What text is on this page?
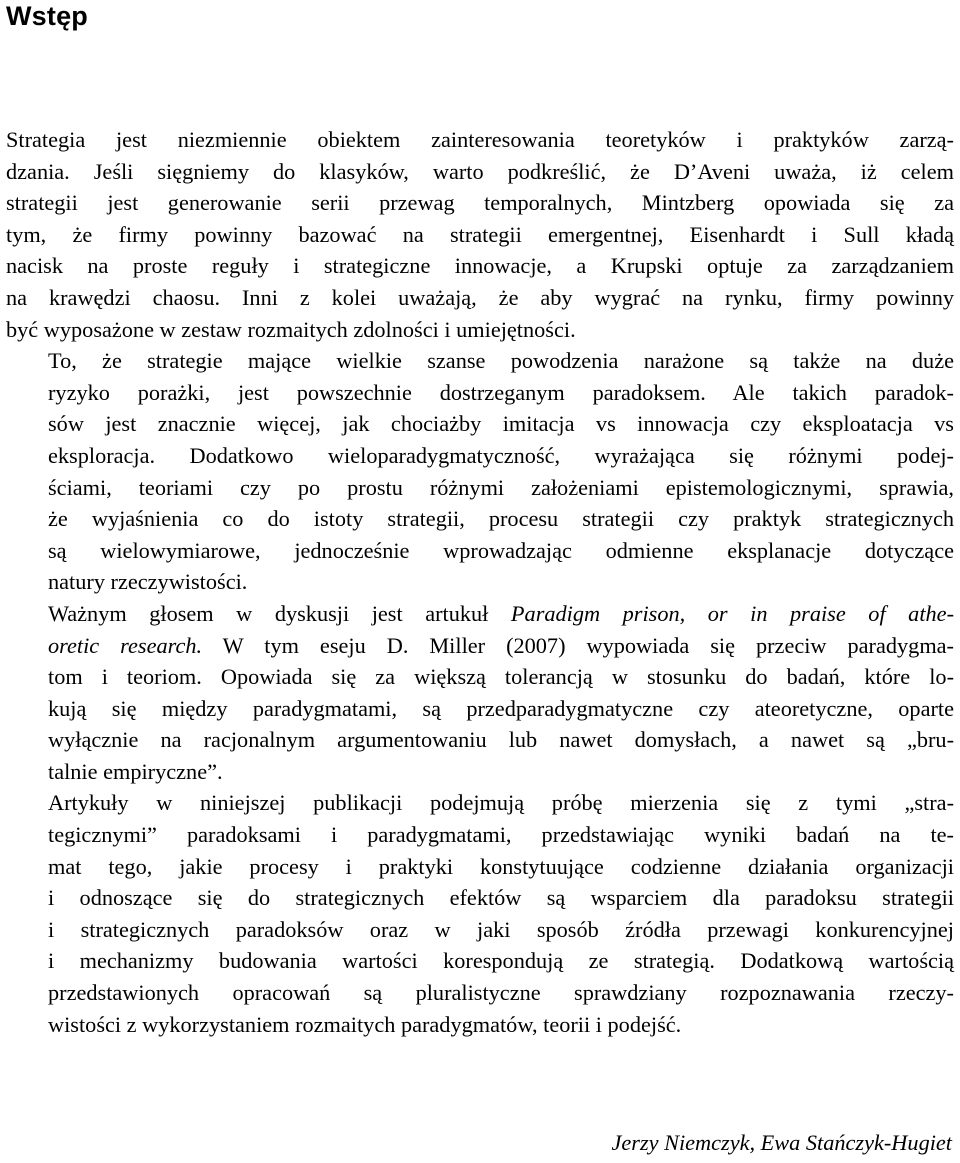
Wstęp

Strategia jest niezmiennie obiektem zainteresowania teoretyków i praktyków zarzą-
dzania. Jeśli sięgniemy do klasyków, warto podkreślić, że D’Aveni uważa, iż celem
strategii jest generowanie serii przewag temporalnych, Mintzberg opowiada się za
tym, że firmy powinny bazować na strategii emergentnej, Eisenhardt i Sull kładą
nacisk na proste reguły i strategiczne innowacje, a Krupski optuje za zarządzaniem
na krawędzi chaosu. Inni z kolei uważają, że aby wygrać na rynku, firmy powinny
być wyposażone w zestaw rozmaitych zdolności i umiejętności.

To, że strategie mające wielkie szanse powodzenia narażone są także na duże
ryzyko porażki, jest powszechnie dostrzeganym paradoksem. Ale takich paradok-
sów jest znacznie więcej, jak chociażby imitacja vs innowacja czy eksploatacja vs
eksploracja. Dodatkowo wieloparadygmatyczność, wyrażająca się różnymi podej-
ściami, teoriami czy po prostu różnymi założeniami epistemologicznymi, sprawia,
że wyjaśnienia co do istoty strategii, procesu strategii czy praktyk strategicznych
są wielowymiarowe, jednocześnie wprowadzając odmienne eksplanacje dotyczące
natury rzeczywistości.

Ważnym głosem w dyskusji jest artukuł Paradigm prison, or in praise of athe-
oretic research. W tym eseju D. Miller (2007) wypowiada się przeciw paradygma-
tom i teoriom. Opowiada się za większą tolerancją w stosunku do badań, które lo-
kują się między paradygmatami, są przedparadygmatyczne czy ateoretyczne, oparte
wyłącznie na racjonalnym argumentowaniu lub nawet domysłach, a nawet są „bru-
talnie empiryczne”.

Artykuły w niniejszej publikacji podejmują próbę mierzenia się z tymi „stra-
tegicznymi” paradoksami i paradygmatami, przedstawiając wyniki badań na te-
mat tego, jakie procesy i praktyki konstytuujące codzienne działania organizacji
i odnoszące się do strategicznych efektów są wsparciem dla paradoksu strategii
i strategicznych paradoksów oraz w jaki sposób źródła przewagi konkurencyjnej
i mechanizmy budowania wartości korespondują ze strategią. Dodatkową wartością
przedstawionych opracowań są pluralistyczne sprawdziany rozpoznawania rzeczy-
wistości z wykorzystaniem rozmaitych paradygmatów, teorii i podejść.

Jerzy Niemczyk, Ewa Stańczyk-Hugiet
